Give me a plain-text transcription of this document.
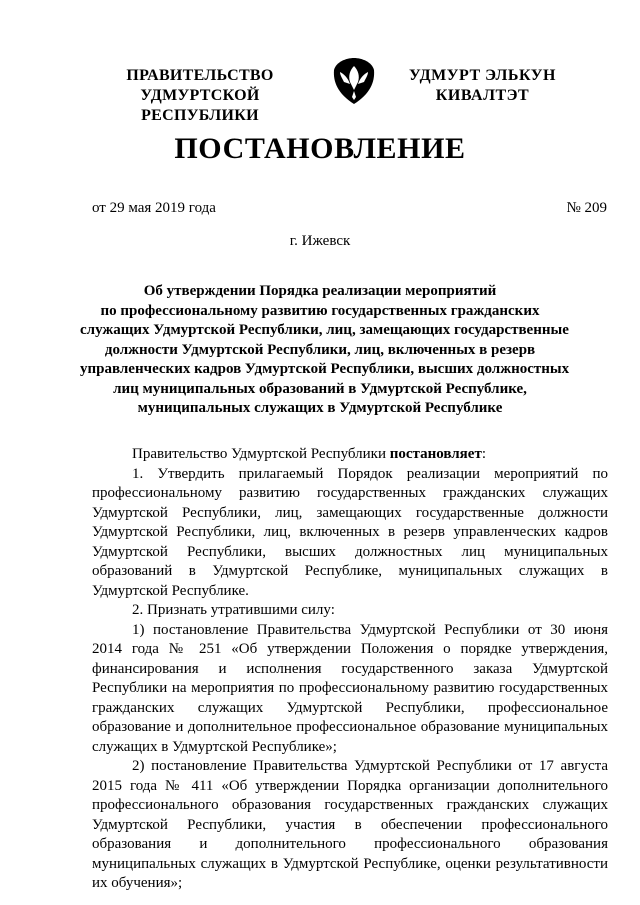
ПРАВИТЕЛЬСТВО
УДМУРТСКОЙ РЕСПУБЛИКИ
УДМУРТ ЭЛЬКУН
КИВАЛТЭТ
ПОСТАНОВЛЕНИЕ
от 29 мая 2019 года	№ 209
г. Ижевск
Об утверждении Порядка реализации мероприятий
по профессиональному развитию государственных гражданских
служащих Удмуртской Республики, лиц, замещающих государственные
должности Удмуртской Республики, лиц, включенных в резерв
управленческих кадров Удмуртской Республики, высших должностных
лиц муниципальных образований в Удмуртской Республике,
муниципальных служащих в Удмуртской Республике

Правительство Удмуртской Республики постановляет:

1. Утвердить прилагаемый Порядок реализации мероприятий по
профессиональному развитию государственных гражданских служащих
Удмуртской Республики, лиц, замещающих государственные должности
Удмуртской Республики, лиц, включенных в резерв управленческих кадров
Удмуртской Республики, высших должностных лиц муниципальных
образований в Удмуртской Республике, муниципальных служащих в
Удмуртской Республике.

2. Признать утратившими силу:

1) постановление Правительства Удмуртской Республики от 30 июня
2014 года № 251 «Об утверждении Положения о порядке утверждения,
финансирования и исполнения государственного заказа Удмуртской
Республики на мероприятия по профессиональному развитию государственных
гражданских служащих Удмуртской Республики, профессиональное
образование и дополнительное профессиональное образование муниципальных
служащих в Удмуртской Республике»;
2) постановление Правительства Удмуртской Республики от 17 августа
2015 года № 411 «Об утверждении Порядка организации дополнительного
профессионального образования государственных гражданских служащих
Удмуртской Республики, участия в обеспечении профессионального
образования и дополнительного профессионального образования
муниципальных служащих в Удмуртской Республике, оценки результативности
их обучения»;
